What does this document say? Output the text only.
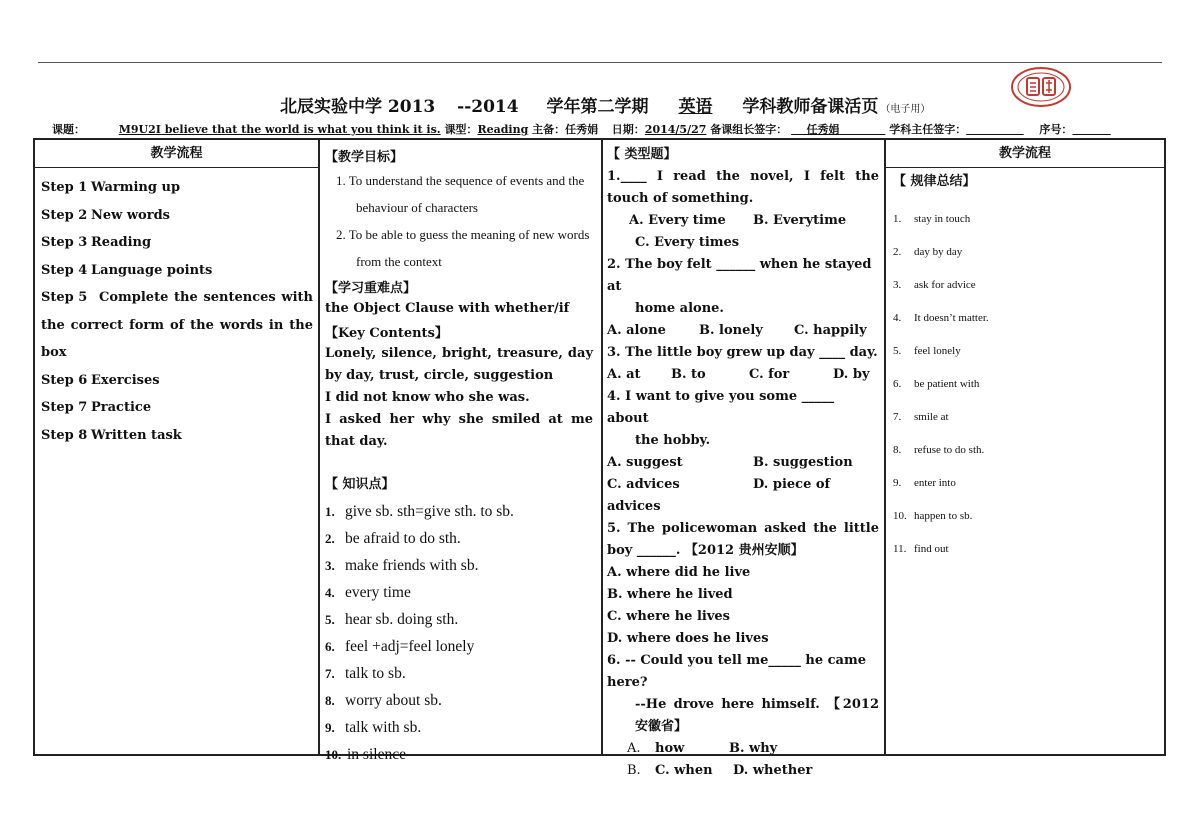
北辰实验中学 2013 --2014 学年第二学期 英语 学科教师备课活页 （电子用）
课题：	M9U2I believe that the world is what you think it is. 课型：Reading 主备：任秀娟 日期：2014/5/27 备课组长签字： 任秀娟	学科主任签字：	序号：
教学流程
Step 1 Warming up
Step 2 New words
Step 3 Reading
Step 4 Language points
Step 5 Complete the sentences with the correct form of the words in the box
Step 6 Exercises
Step 7 Practice
Step 8 Written task
【教学目标】
1. To understand the sequence of events and the behaviour of characters
2. To be able to guess the meaning of new words from the context
【学习重难点】
the Object Clause with whether/if
【Key Contents】
Lonely, silence, bright, treasure, day by day, trust, circle, suggestion
I did not know who she was.
I asked her why she smiled at me that day.
【 知识点】
1. give sb. sth=give sth. to sb.
2. be afraid to do sth.
3. make friends with sb.
4. every time
5. hear sb. doing sth.
6. feel +adj=feel lonely
7. talk to sb.
8. worry about sb.
9. talk with sb.
10. in silence
【 类型题】
1.____ I read the novel, I felt the touch of something.
A. Every time B. Everytime
C. Every times
2. The boy felt ______ when he stayed at
home alone.
A. alone	B. lonely C. happily
3. The little boy grew up day ____ day.
A. at B. to	C. for	D. by
4. I want to give you some _____ about
the hobby.
A. suggest	B. suggestion
C. advices	D. piece of advices
5. The policewoman asked the little boy ______. 【2012 贵州安顺】
A. where did he live
B. where he lived
C. where he lives
D. where does he lives
6. -- Could you tell me_____ he came here?
--He drove here himself. 【2012 安徽省】
A. how	B. why
B. C. when D. whether
教学流程
【 规律总结】
1. stay in touch
2. day by day
3. ask for advice
4. It doesn’t matter.
5. feel lonely
6. be patient with
7. smile at
8. refuse to do sth.
9. enter into
10. happen to sb.
11. find out
